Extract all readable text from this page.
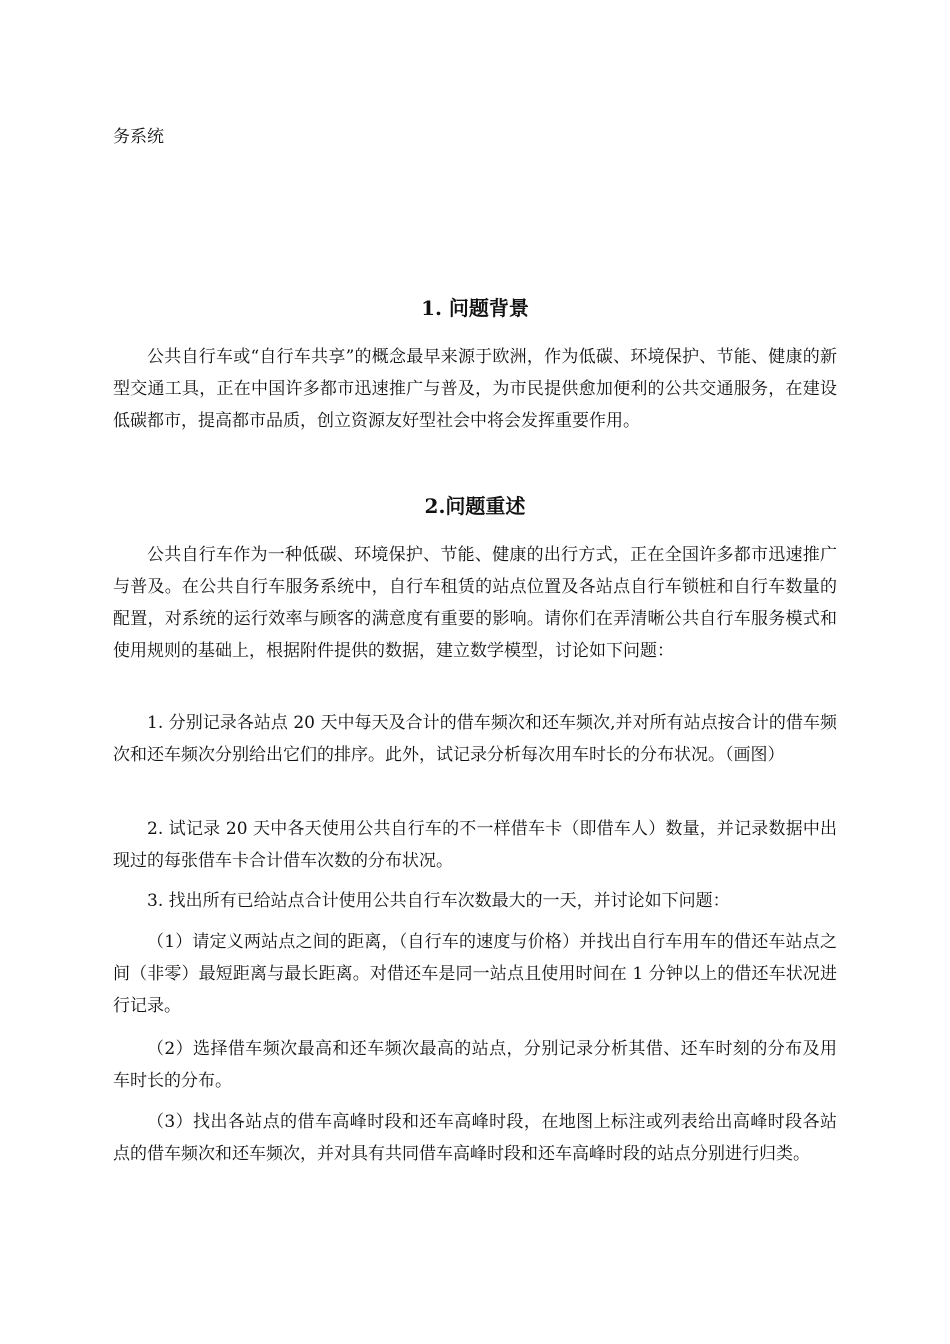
务系统
1. 问题背景

公共自行车或“自行车共享”的概念最早来源于欧洲，作为低碳、环境保护、节能、健康的新型交通工具，正在中国许多都市迅速推广与普及，为市民提供愈加便利的公共交通服务，在建设低碳都市，提高都市品质，创立资源友好型社会中将会发挥重要作用。

2.问题重述

公共自行车作为一种低碳、环境保护、节能、健康的出行方式，正在全国许多都市迅速推广与普及。在公共自行车服务系统中，自行车租赁的站点位置及各站点自行车锁桩和自行车数量的配置，对系统的运行效率与顾客的满意度有重要的影响。请你们在弄清晰公共自行车服务模式和使用规则的基础上，根据附件提供的数据，建立数学模型，讨论如下问题：

1. 分别记录各站点 20 天中每天及合计的借车频次和还车频次,并对所有站点按合计的借车频次和还车频次分别给出它们的排序。此外，试记录分析每次用车时长的分布状况。（画图）

2. 试记录 20 天中各天使用公共自行车的不一样借车卡（即借车人）数量，并记录数据中出现过的每张借车卡合计借车次数的分布状况。

3. 找出所有已给站点合计使用公共自行车次数最大的一天，并讨论如下问题：

（1）请定义两站点之间的距离，（自行车的速度与价格）并找出自行车用车的借还车站点之间（非零）最短距离与最长距离。对借还车是同一站点且使用时间在 1 分钟以上的借还车状况进行记录。

（2）选择借车频次最高和还车频次最高的站点，分别记录分析其借、还车时刻的分布及用车时长的分布。

（3）找出各站点的借车高峰时段和还车高峰时段，在地图上标注或列表给出高峰时段各站点的借车频次和还车频次，并对具有共同借车高峰时段和还车高峰时段的站点分别进行归类。
